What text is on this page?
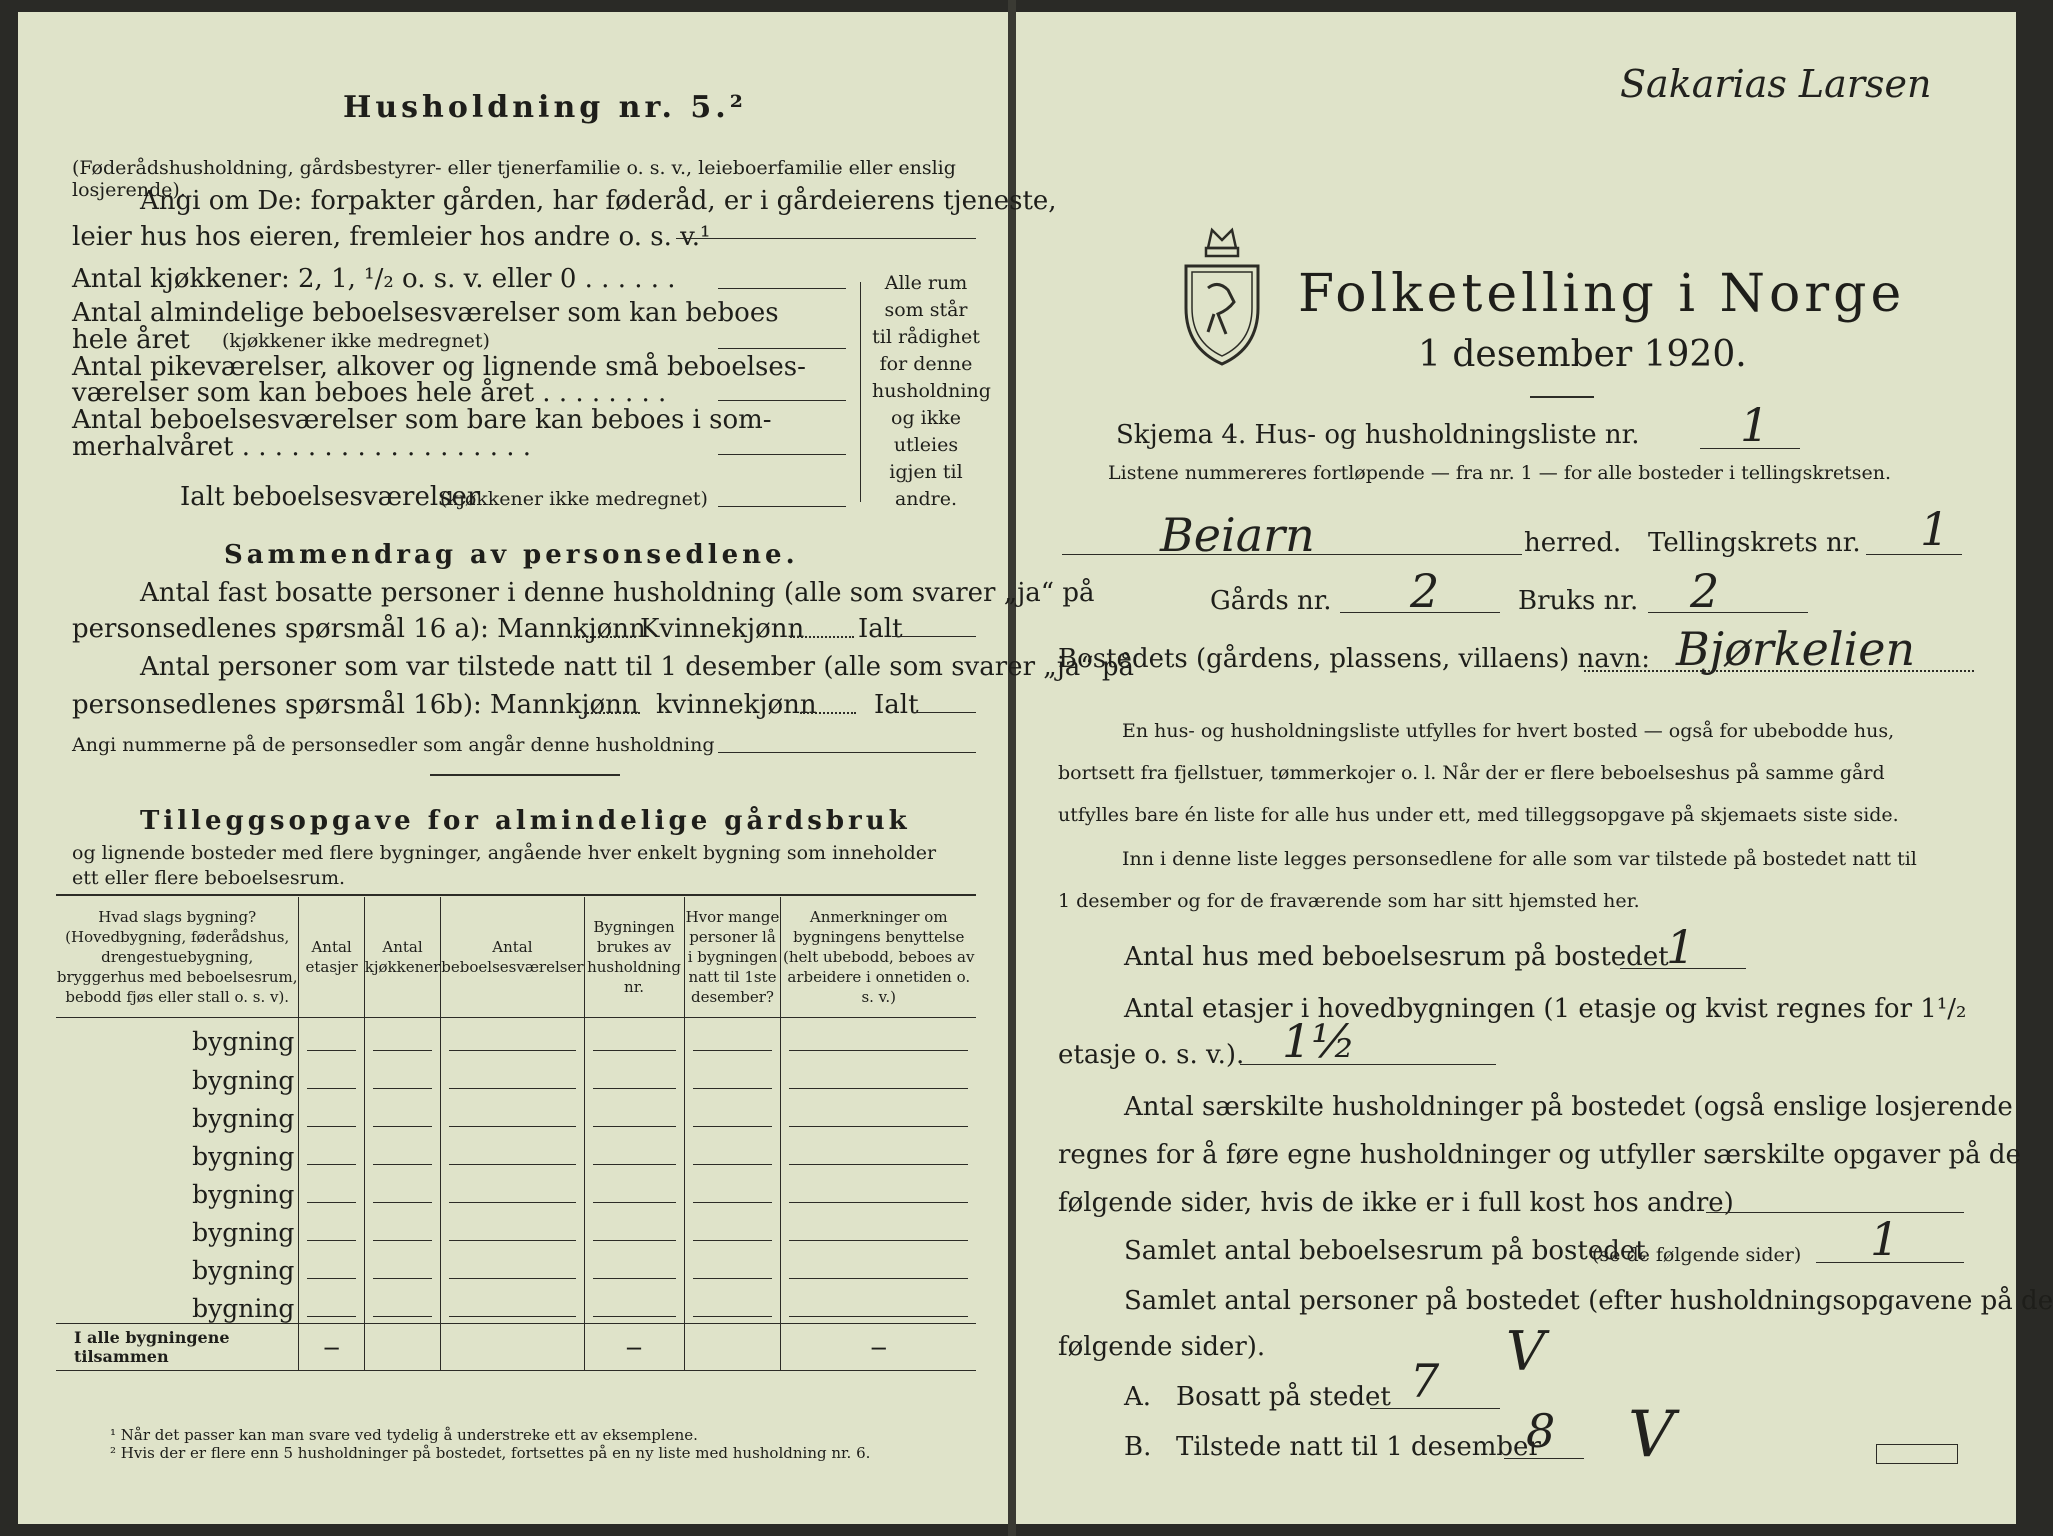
Husholdning nr. 5.²
(Føderådshusholdning, gårdsbestyrer- eller tjenerfamilie o. s. v., leieboerfamilie eller enslig losjerende).
Angi om De: forpakter gården, har føderåd, er i gårdeierens tjeneste,
leier hus hos eieren, fremleier hos andre o. s. v.¹
Antal kjøkkener: 2, 1, ¹/₂ o. s. v. eller 0 . . . . . .
Antal almindelige beboelsesværelser som kan beboes
hele året (kjøkkener ikke medregnet)
Antal pikeværelser, alkover og lignende små beboelses-
værelser som kan beboes hele året . . . . . . . .
Antal beboelsesværelser som bare kan beboes i som-
merhalvåret . . . . . . . . . . . . . . . . . .
Ialt beboelsesværelser
(kjøkkener ikke medregnet)
Alle rum som står til rådighet for denne husholdning og ikke utleies igjen til andre.
Sammendrag av personsedlene.
Antal fast bosatte personer i denne husholdning (alle som svarer „ja“ på
personsedlenes spørsmål 16 a): Mannkjønn
Kvinnekjønn Ialt
Antal personer som var tilstede natt til 1 desember (alle som svarer „ja“ på
personsedlenes spørsmål 16b): Mannkjønn kvinnekjønn Ialt
Angi nummerne på de personsedler som angår denne husholdning
Tilleggsopgave for almindelige gårdsbruk
og lignende bosteder med flere bygninger, angående hver enkelt bygning som inneholder
ett eller flere beboelsesrum.
Hvad slags bygning? (Hovedbygning, føderådshus, drengestuebygning, bryggerhus med beboelsesrum, bebodd fjøs eller stall o. s. v).	Antal etasjer	Antal kjøkkener	Antal beboelsesværelser	Bygningen brukes av husholdning nr.	Hvor mange personer lå i bygningen natt til 1ste desember?	Anmerkninger om bygningens benyttelse (helt ubebodd, beboes av arbeidere i onnetiden o. s. v.)
bygning						
bygning						
bygning						
bygning						
bygning						
bygning						
bygning						
bygning						
I alle bygningene tilsammen	—			—		—
¹ Når det passer kan man svare ved tydelig å understreke ett av eksemplene.
² Hvis der er flere enn 5 husholdninger på bostedet, fortsettes på en ny liste med husholdning nr. 6.
Sakarias Larsen
Folketelling i Norge
1 desember 1920.
Skjema 4. Hus- og husholdningsliste nr. 1
Listene nummereres fortløpende — fra nr. 1 — for alle bosteder i tellingskretsen.
Beiarn	herred. Tellingskrets nr. 1
Gårds nr. 2	Bruks nr. 2
Bostedets (gårdens, plassens, villaens) navn: Bjørkelien
En hus- og husholdningsliste utfylles for hvert bosted — også for ubebodde hus,
bortsett fra fjellstuer, tømmerkojer o. l. Når der er flere beboelseshus på samme gård
utfylles bare én liste for alle hus under ett, med tilleggsopgave på skjemaets siste side.
Inn i denne liste legges personsedlene for alle som var tilstede på bostedet natt til
1 desember og for de fraværende som har sitt hjemsted her.
Antal hus med beboelsesrum på bostedet
1
Antal etasjer i hovedbygningen (1 etasje og kvist regnes for 1¹/₂
etasje o. s. v.). 1½
Antal særskilte husholdninger på bostedet (også enslige losjerende
regnes for å føre egne husholdninger og utfyller særskilte opgaver på de
følgende sider, hvis de ikke er i full kost hos andre)
Samlet antal beboelsesrum på bostedet
(se de følgende sider) 1
Samlet antal personer på bostedet (efter husholdningsopgavene på de
følgende sider).
A. Bosatt på stedet 7 V
B. Tilstede natt til 1 desember
8 V
